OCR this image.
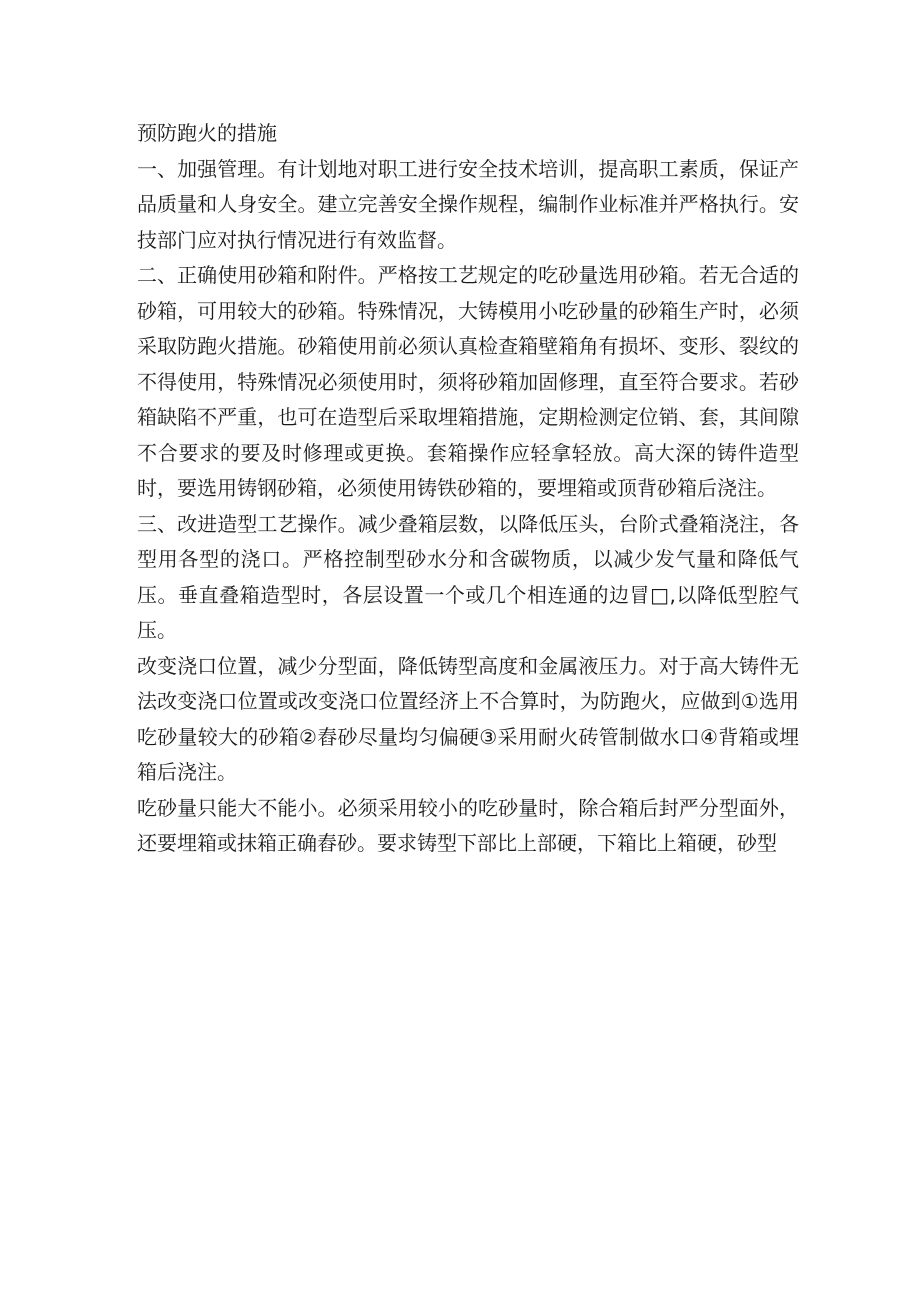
预防跑火的措施

一、加强管理。有计划地对职工进行安全技术培训，提高职工素质，保证产品质量和人身安全。建立完善安全操作规程，编制作业标准并严格执行。安技部门应对执行情况进行有效监督。

二、正确使用砂箱和附件。严格按工艺规定的吃砂量选用砂箱。若无合适的砂箱，可用较大的砂箱。特殊情况，大铸模用小吃砂量的砂箱生产时，必须采取防跑火措施。砂箱使用前必须认真检查箱壁箱角有损坏、变形、裂纹的不得使用，特殊情况必须使用时，须将砂箱加固修理，直至符合要求。若砂箱缺陷不严重，也可在造型后采取埋箱措施，定期检测定位销、套，其间隙不合要求的要及时修理或更换。套箱操作应轻拿轻放。高大深的铸件造型时，要选用铸钢砂箱，必须使用铸铁砂箱的，要埋箱或顶背砂箱后浇注。

三、改进造型工艺操作。减少叠箱层数，以降低压头，台阶式叠箱浇注，各型用各型的浇口。严格控制型砂水分和含碳物质，以减少发气量和降低气压。垂直叠箱造型时，各层设置一个或几个相连通的边冒□,以降低型腔气压。

改变浇口位置，减少分型面，降低铸型高度和金属液压力。对于高大铸件无法改变浇口位置或改变浇口位置经济上不合算时，为防跑火，应做到①选用吃砂量较大的砂箱②舂砂尽量均匀偏硬③采用耐火砖管制做水口④背箱或埋箱后浇注。

吃砂量只能大不能小。必须采用较小的吃砂量时，除合箱后封严分型面外，还要埋箱或抹箱正确舂砂。要求铸型下部比上部硬，下箱比上箱硬，砂型
